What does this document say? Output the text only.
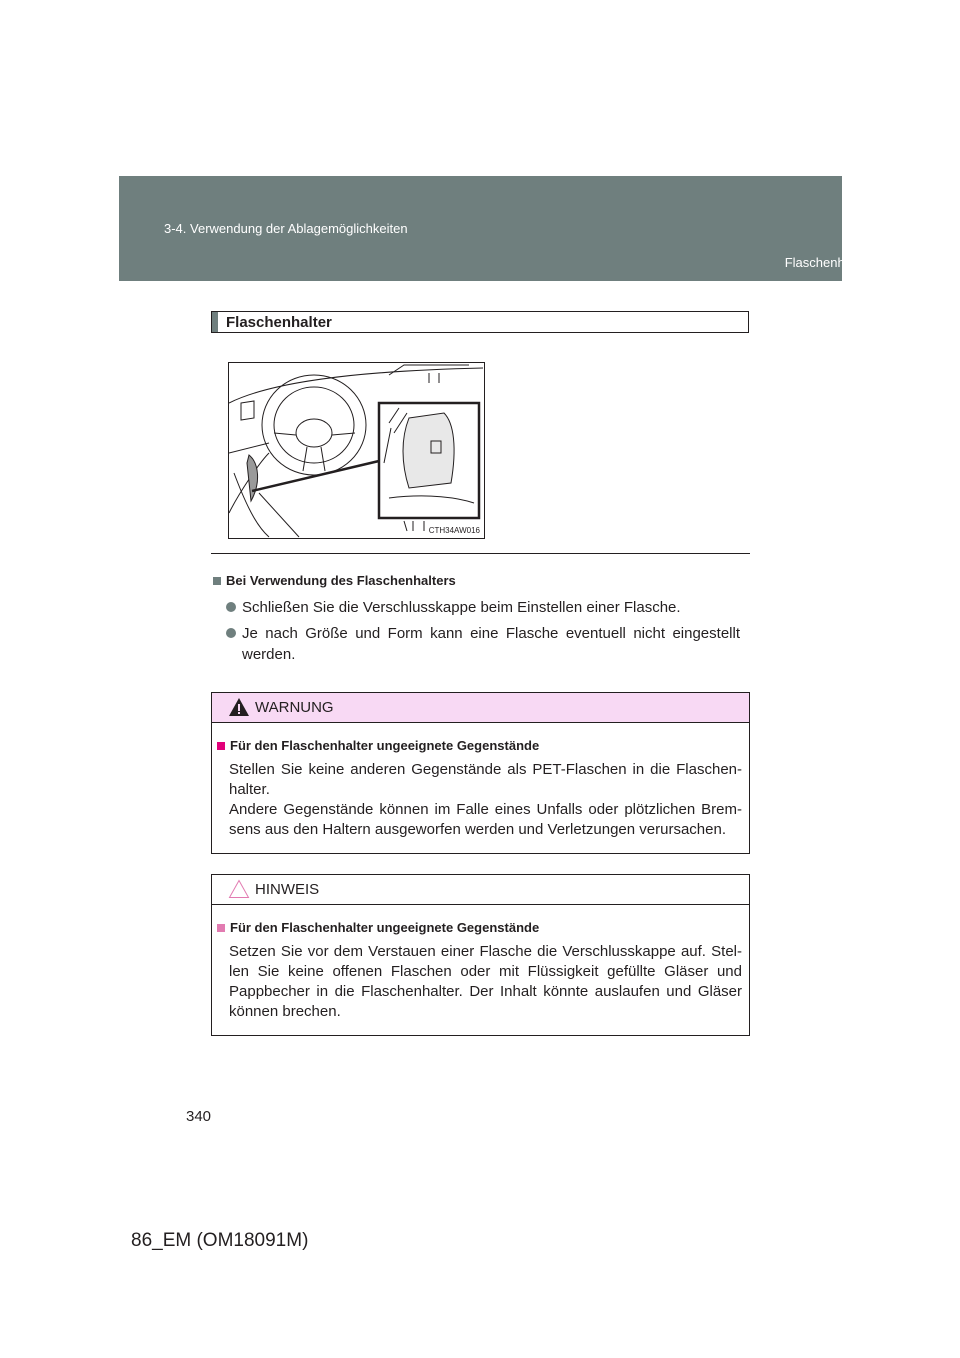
3-4. Verwendung der Ablagemöglichkeiten
Flaschenhalter
Flaschenhalter
CTH34AW016
Bei Verwendung des Flaschenhalters
Schließen Sie die Verschlusskappe beim Einstellen einer Flasche.
Je nach Größe und Form kann eine Flasche eventuell nicht eingestellt werden.
WARNUNG
Für den Flaschenhalter ungeeignete Gegenstände
Stellen Sie keine anderen Gegenstände als PET-Flaschen in die Flaschen-halter.
Andere Gegenstände können im Falle eines Unfalls oder plötzlichen Brem-sens aus den Haltern ausgeworfen werden und Verletzungen verursachen.
HINWEIS
Für den Flaschenhalter ungeeignete Gegenstände
Setzen Sie vor dem Verstauen einer Flasche die Verschlusskappe auf. Stel-len Sie keine offenen Flaschen oder mit Flüssigkeit gefüllte Gläser und Pappbecher in die Flaschenhalter. Der Inhalt könnte auslaufen und Gläser können brechen.
340
86_EM (OM18091M)
